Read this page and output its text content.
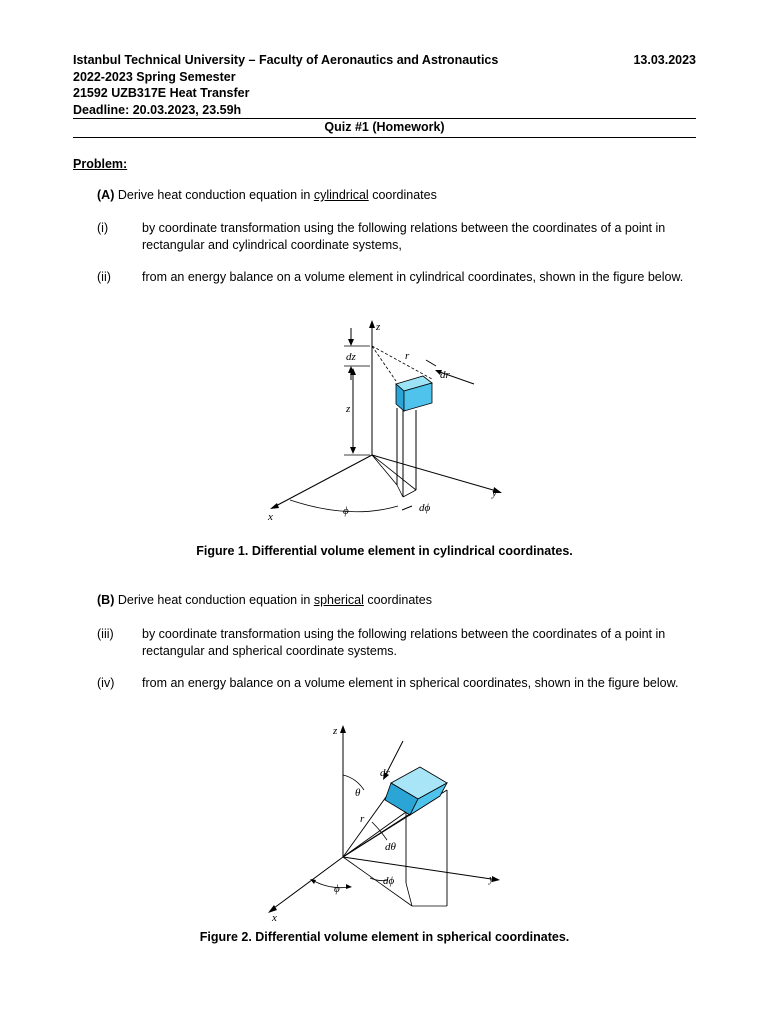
Istanbul Technical University – Faculty of Aeronautics and Astronautics	13.03.2023
2022-2023 Spring Semester
21592 UZB317E Heat Transfer
Deadline: 20.03.2023, 23.59h
Quiz #1 (Homework)
Problem:
(A) Derive heat conduction equation in cylindrical coordinates
(i)	by coordinate transformation using the following relations between the coordinates of a point in rectangular and cylindrical coordinate systems,
(ii) from an energy balance on a volume element in cylindrical coordinates, shown in the figure below.
z
x
y
dz
z
r
dr
ϕ	dϕ
Figure 1. Differential volume element in cylindrical coordinates.
(B) Derive heat conduction equation in spherical coordinates
(iii) by coordinate transformation using the following relations between the coordinates of a point in rectangular and spherical coordinate systems.
(iv) from an energy balance on a volume element in spherical coordinates, shown in the figure below.
z
x
y
r
θ
dθ
dr
ϕ
dϕ
Figure 2. Differential volume element in spherical coordinates.
